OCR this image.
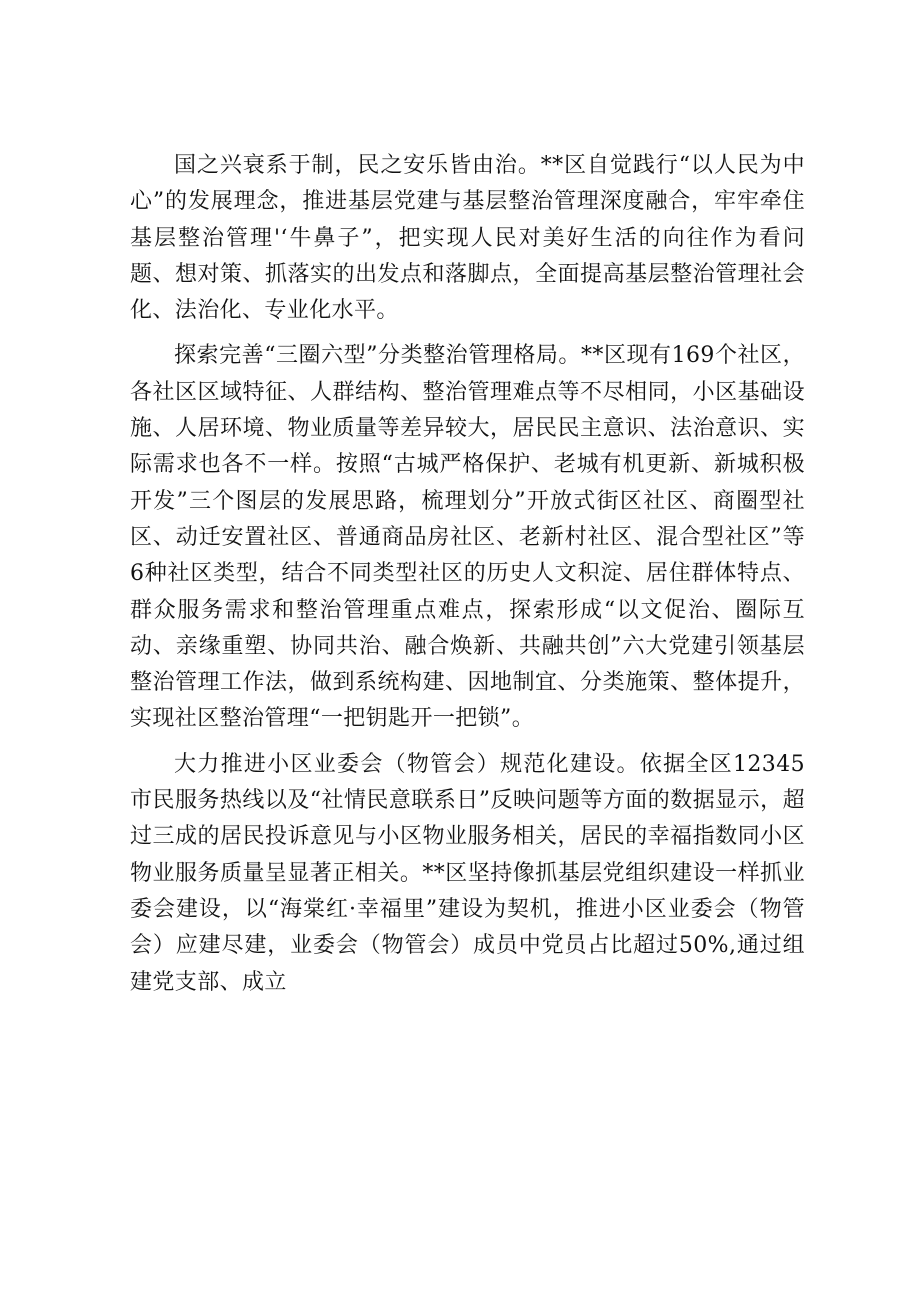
国之兴衰系于制，民之安乐皆由治。**区自觉践行“以人民为中心”的发展理念，推进基层党建与基层整治管理深度融合，牢牢牵住基层整治管理'‘牛鼻子”，把实现人民对美好生活的向往作为看问题、想对策、抓落实的出发点和落脚点，全面提高基层整治管理社会化、法治化、专业化水平。

探索完善“三圈六型”分类整治管理格局。**区现有169个社区，各社区区域特征、人群结构、整治管理难点等不尽相同，小区基础设施、人居环境、物业质量等差异较大，居民民主意识、法治意识、实际需求也各不一样。按照“古城严格保护、老城有机更新、新城积极开发”三个图层的发展思路，梳理划分”开放式街区社区、商圈型社区、动迁安置社区、普通商品房社区、老新村社区、混合型社区”等6种社区类型，结合不同类型社区的历史人文积淀、居住群体特点、群众服务需求和整治管理重点难点，探索形成“以文促治、圈际互动、亲缘重塑、协同共治、融合焕新、共融共创”六大党建引领基层整治管理工作法，做到系统构建、因地制宜、分类施策、整体提升，实现社区整治管理“一把钥匙开一把锁”。

大力推进小区业委会（物管会）规范化建设。依据全区12345市民服务热线以及“社情民意联系日”反映问题等方面的数据显示，超过三成的居民投诉意见与小区物业服务相关，居民的幸福指数同小区物业服务质量呈显著正相关。**区坚持像抓基层党组织建设一样抓业委会建设，以“海棠红·幸福里”建设为契机，推进小区业委会（物管会）应建尽建，业委会（物管会）成员中党员占比超过50%,通过组建党支部、成立
